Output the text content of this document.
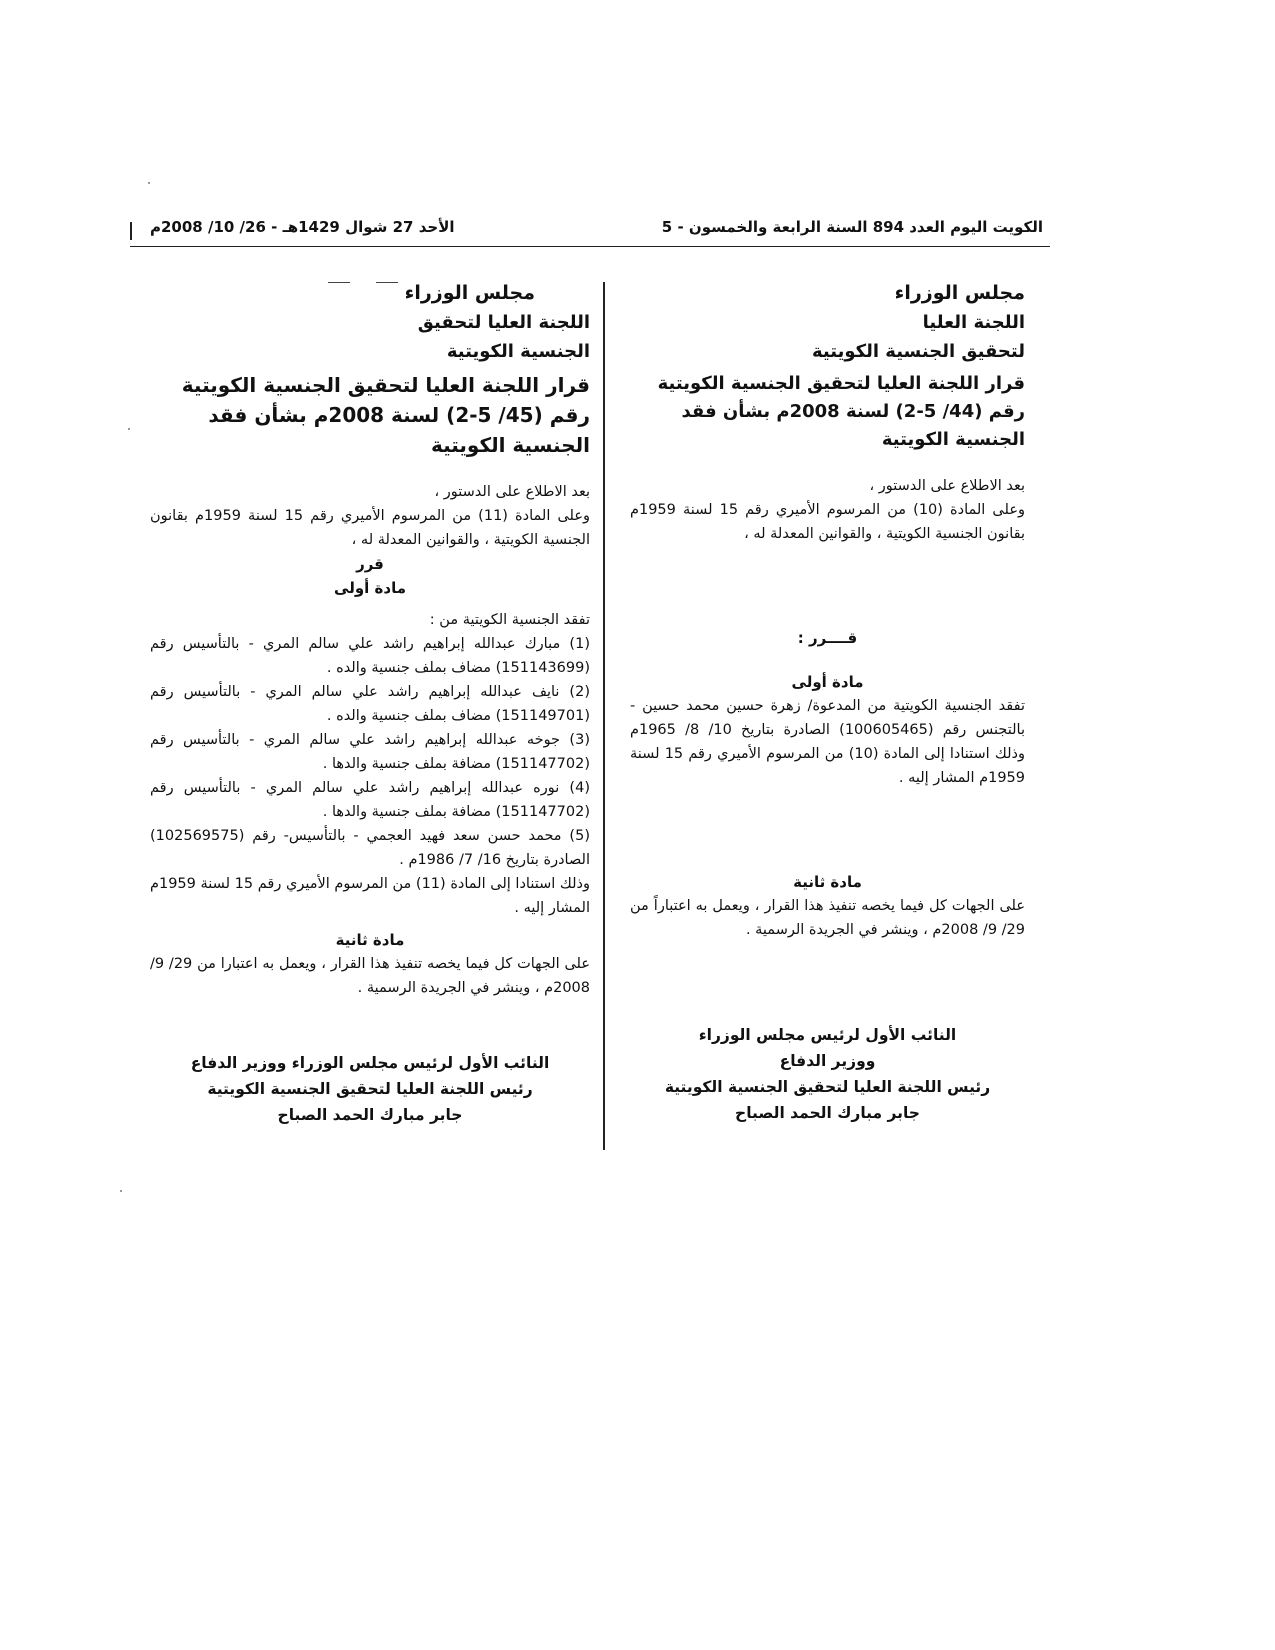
الكويت اليوم العدد 894 السنة الرابعة والخمسون - 5
الأحد 27 شوال 1429هـ - 26/ 10/ 2008م

مجلس الوزراء

اللجنة العليا

لتحقيق الجنسية الكويتية

قرار اللجنة العليا لتحقيق الجنسية الكويتية

رقم (44/ 5-2) لسنة 2008م بشأن فقد الجنسية الكويتية

بعد الاطلاع على الدستور ،

وعلى المادة (10) من المرسوم الأميري رقم 15 لسنة 1959م بقانون الجنسية الكويتية ، والقوانين المعدلة له ،

قــــرر :

مادة أولى

تفقد الجنسية الكويتية من المدعوة/ زهرة حسين محمد حسين - بالتجنس رقم (100605465) الصادرة بتاريخ 10/ 8/ 1965م وذلك استنادا إلى المادة (10) من المرسوم الأميري رقم 15 لسنة 1959م المشار إليه .

مادة ثانية

على الجهات كل فيما يخصه تنفيذ هذا القرار ، ويعمل به اعتباراً من 29/ 9/ 2008م ، وينشر في الجريدة الرسمية .

النائب الأول لرئيس مجلس الوزراء

ووزير الدفاع

رئيس اللجنة العليا لتحقيق الجنسية الكويتية

جابر مبارك الحمد الصباح

مجلس الوزراء

اللجنة العليا لتحقيق

الجنسية الكويتية

قرار اللجنة العليا لتحقيق الجنسية الكويتية

رقم (45/ 5-2) لسنة 2008م بشأن فقد الجنسية الكويتية

بعد الاطلاع على الدستور ،

وعلى المادة (11) من المرسوم الأميري رقم 15 لسنة 1959م بقانون الجنسية الكويتية ، والقوانين المعدلة له ،

قرر

مادة أولى

تفقد الجنسية الكويتية من :

(1) مبارك عبدالله إبراهيم راشد علي سالم المري - بالتأسيس رقم (151143699) مضاف بملف جنسية والده .

(2) نايف عبدالله إبراهيم راشد علي سالم المري - بالتأسيس رقم (151149701) مضاف بملف جنسية والده .

(3) جوخه عبدالله إبراهيم راشد علي سالم المري - بالتأسيس رقم (151147702) مضافة بملف جنسية والدها .

(4) نوره عبدالله إبراهيم راشد علي سالم المري - بالتأسيس رقم (151147702) مضافة بملف جنسية والدها .

(5) محمد حسن سعد فهيد العجمي - بالتأسيس- رقم (102569575) الصادرة بتاريخ 16/ 7/ 1986م .

وذلك استنادا إلى المادة (11) من المرسوم الأميري رقم 15 لسنة 1959م المشار إليه .

مادة ثانية

على الجهات كل فيما يخصه تنفيذ هذا القرار ، ويعمل به اعتبارا من 29/ 9/ 2008م ، وينشر في الجريدة الرسمية .

النائب الأول لرئيس مجلس الوزراء ووزير الدفاع

رئيس اللجنة العليا لتحقيق الجنسية الكويتية

جابر مبارك الحمد الصباح
